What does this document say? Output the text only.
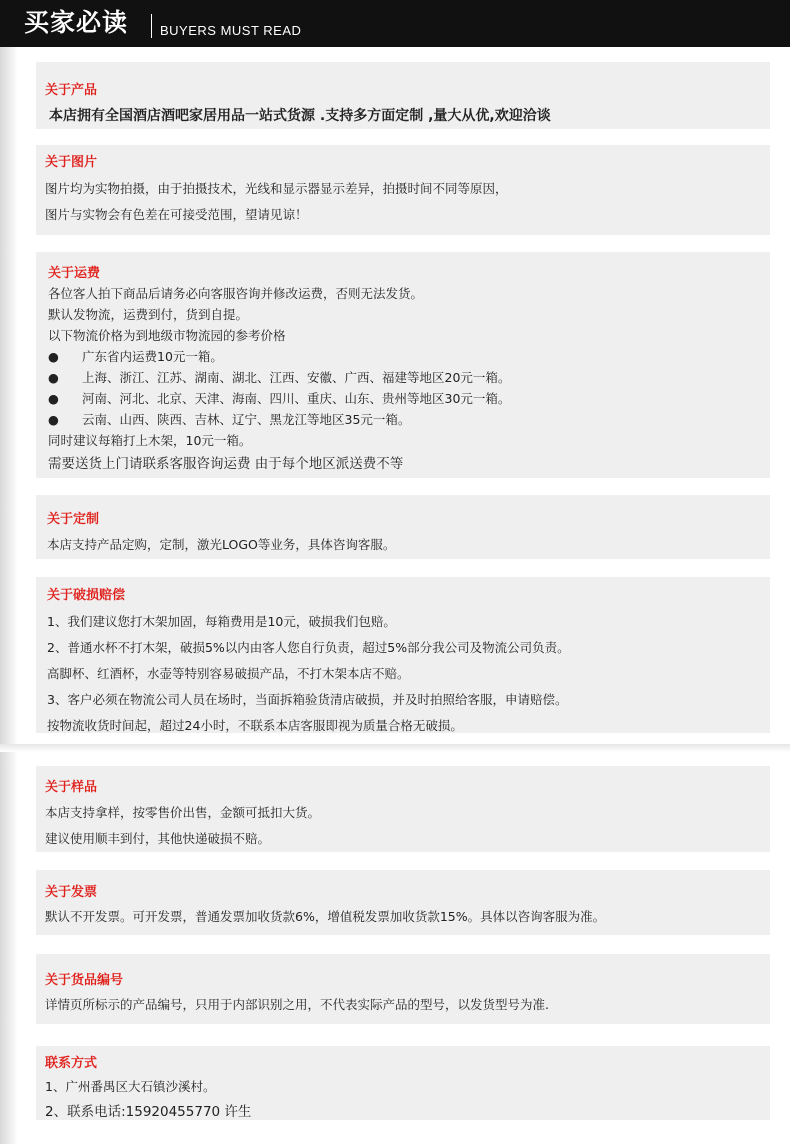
买家必读 BUYERS MUST READ
关于产品
本店拥有全国酒店酒吧家居用品一站式货源 .支持多方面定制 ,量大从优,欢迎洽谈
关于图片
图片均为实物拍摄，由于拍摄技术，光线和显示器显示差异，拍摄时间不同等原因，
图片与实物会有色差在可接受范围，望请见谅！
关于运费
各位客人拍下商品后请务必向客服咨询并修改运费，否则无法发货。
默认发物流，运费到付，货到自提。
以下物流价格为到地级市物流园的参考价格
● 广东省内运费10元一箱。
● 上海、浙江、江苏、湖南、湖北、江西、安徽、广西、福建等地区20元一箱。
● 河南、河北、北京、天津、海南、四川、重庆、山东、贵州等地区30元一箱。
● 云南、山西、陕西、吉林、辽宁、黑龙江等地区35元一箱。
同时建议每箱打上木架，10元一箱。
需要送货上门请联系客服咨询运费 由于每个地区派送费不等
关于定制
本店支持产品定购，定制，激光LOGO等业务，具体咨询客服。
关于破损赔偿
1、我们建议您打木架加固，每箱费用是10元，破损我们包赔。
2、普通水杯不打木架，破损5%以内由客人您自行负责，超过5%部分我公司及物流公司负责。
高脚杯、红酒杯，水壶等特别容易破损产品，不打木架本店不赔。
3、客户必须在物流公司人员在场时，当面拆箱验货清店破损，并及时拍照给客服，申请赔偿。
按物流收货时间起，超过24小时，不联系本店客服即视为质量合格无破损。
关于样品
本店支持拿样，按零售价出售，金额可抵扣大货。
建议使用顺丰到付，其他快递破损不赔。
关于发票
默认不开发票。可开发票，普通发票加收货款6%，增值税发票加收货款15%。具体以咨询客服为准。
关于货品编号
详情页所标示的产品编号，只用于内部识别之用，不代表实际产品的型号，以发货型号为准.
联系方式
1、广州番禺区大石镇沙溪村。
2、联系电话:15920455770 许生
